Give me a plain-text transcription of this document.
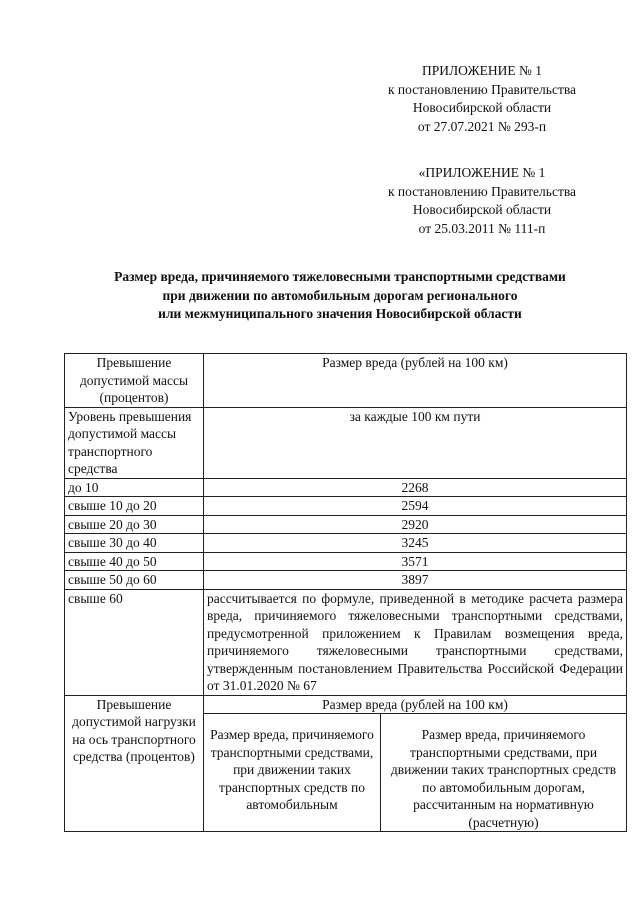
ПРИЛОЖЕНИЕ № 1
к постановлению Правительства
Новосибирской области
от 27.07.2021 № 293-п
«ПРИЛОЖЕНИЕ № 1
к постановлению Правительства
Новосибирской области
от 25.03.2011 № 111-п
Размер вреда, причиняемого тяжеловесными транспортными средствами
при движении по автомобильным дорогам регионального
или межмуниципального значения Новосибирской области
Превышение допустимой массы (процентов)	Размер вреда (рублей на 100 км)	
Уровень превышения допустимой массы транспортного средства	за каждые 100 км пути	
до 10	2268	
свыше 10 до 20	2594	
свыше 20 до 30	2920	
свыше 30 до 40	3245	
свыше 40 до 50	3571	
свыше 50 до 60	3897	
свыше 60	рассчитывается по формуле, приведенной в методике расчета размера вреда, причиняемого тяжеловесными транспортными средствами, предусмотренной приложением к Правилам возмещения вреда, причиняемого тяжеловесными транспортными средствами, утвержденным постановлением Правительства Российской Федерации от 31.01.2020 № 67	
Превышение допустимой нагрузки на ось транспортного средства (процентов)	Размер вреда (рублей на 100 км)	
	Размер вреда, причиняемого транспортными средствами, при движении таких транспортных средств по автомобильным	Размер вреда, причиняемого транспортными средствами, при движении таких транспортных средств по автомобильным дорогам, рассчитанным на нормативную (расчетную)
